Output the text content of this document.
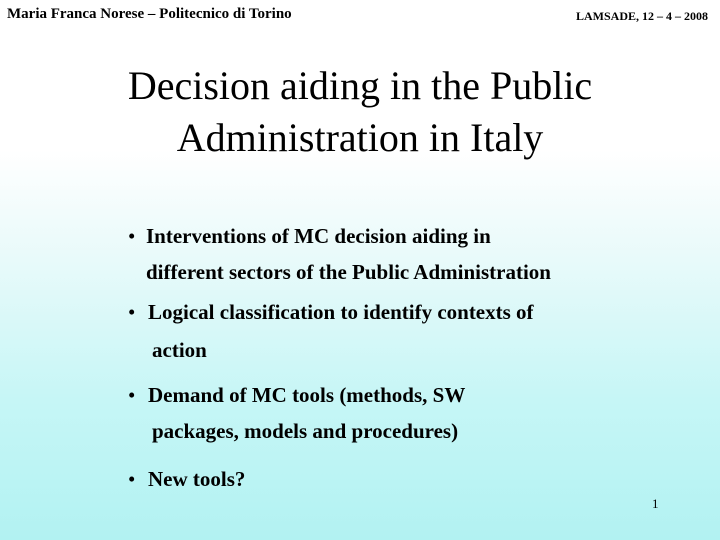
Maria Franca Norese – Politecnico di Torino	LAMSADE, 12 – 4 – 2008
Decision aiding in the Public
Administration in Italy
• Interventions of MC decision aiding in
different sectors of the Public Administration
• Logical classification to identify contexts of
action
• Demand of MC tools (methods, SW
packages, models and procedures)
• New tools?
1
